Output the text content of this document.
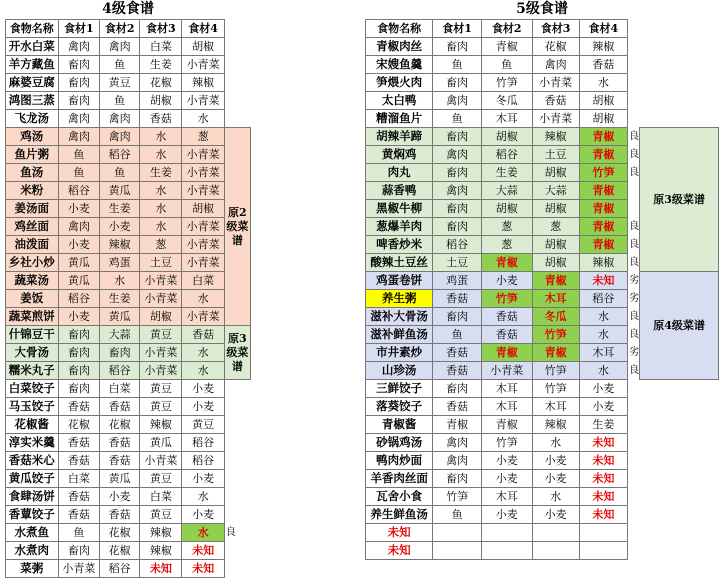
4级食谱
食物名称	食材1	食材2	食材3	食材4	
开水白菜	禽肉	禽肉	白菜	胡椒	
羊方藏鱼	畜肉	鱼	生姜	小青菜	
麻婆豆腐	畜肉	黄豆	花椒	辣椒	
鸿图三蒸	畜肉	鱼	胡椒	小青菜	
飞龙汤	禽肉	禽肉	香菇	水	
鸡汤	禽肉	禽肉	水	葱	原2级菜谱
鱼片粥	鱼	稻谷	水	小青菜	
鱼汤	鱼	鱼	生姜	小青菜	
米粉	稻谷	黄瓜	水	小青菜	
姜汤面	小麦	生姜	水	胡椒	
鸡丝面	禽肉	小麦	水	小青菜	
油泼面	小麦	辣椒	葱	小青菜	
乡社小炒	黄瓜	鸡蛋	土豆	小青菜	
蔬菜汤	黄瓜	水	小青菜	白菜	
姜饭	稻谷	生姜	小青菜	水	
蔬菜煎饼	小麦	黄瓜	胡椒	小青菜	
什锦豆干	畜肉	大蒜	黄豆	香菇	原3级菜谱
大骨汤	畜肉	畜肉	小青菜	水	
糯米丸子	畜肉	稻谷	小青菜	水	
白菜饺子	畜肉	白菜	黄豆	小麦	
马玉饺子	香菇	香菇	黄豆	小麦	
花椒酱	花椒	花椒	辣椒	黄豆	
淳实米羹	香菇	香菇	黄瓜	稻谷	
香菇米心	香菇	香菇	小青菜	稻谷	
黄瓜饺子	白菜	黄瓜	黄豆	小麦	
食肆汤饼	香菇	小麦	白菜	水	
香蕈饺子	香菇	香菇	黄豆	小麦	
水煮鱼	鱼	花椒	辣椒	水	良
水煮肉	畜肉	花椒	辣椒	未知	
菜粥	小青菜	稻谷	未知	未知	
5级食谱
食物名称	食材1	食材2	食材3	食材4		
青椒肉丝	畜肉	青椒	花椒	辣椒		
宋嫂鱼羹	鱼	鱼	禽肉	香菇		
笋煨火肉	畜肉	竹笋	小青菜	水		
太白鸭	禽肉	冬瓜	香菇	胡椒		
糟溜鱼片	鱼	木耳	小青菜	胡椒		
胡辣羊蹄	畜肉	胡椒	辣椒	青椒	良	原3级菜谱
黄焖鸡	禽肉	稻谷	土豆	青椒	良	
肉丸	畜肉	生姜	胡椒	竹笋	良	
蒜香鸭	禽肉	大蒜	大蒜	青椒		
黑椒牛柳	畜肉	胡椒	胡椒	青椒		
葱爆羊肉	畜肉	葱	葱	青椒	良	
啤香炒米	稻谷	葱	胡椒	青椒	良	
酸辣土豆丝	土豆	青椒	胡椒	辣椒	良	
鸡蛋卷饼	鸡蛋	小麦	青椒	未知	劣	原4级菜谱
养生粥	香菇	竹笋	木耳	稻谷	劣	
滋补大骨汤	畜肉	香菇	冬瓜	水	良	
滋补鲜鱼汤	鱼	香菇	竹笋	水	良	
市井素炒	香菇	青椒	青椒	木耳	劣	
山珍汤	香菇	小青菜	竹笋	水	良	
三鲜饺子	畜肉	木耳	竹笋	小麦		
落葵饺子	香菇	木耳	木耳	小麦		
青椒酱	青椒	青椒	辣椒	生姜		
砂锅鸡汤	禽肉	竹笋	水	未知		
鸭肉炒面	禽肉	小麦	小麦	未知		
羊香肉丝面	畜肉	小麦	小麦	未知		
瓦舍小食	竹笋	木耳	水	未知		
养生鲜鱼汤	鱼	小麦	小麦	未知		
未知						
未知						
